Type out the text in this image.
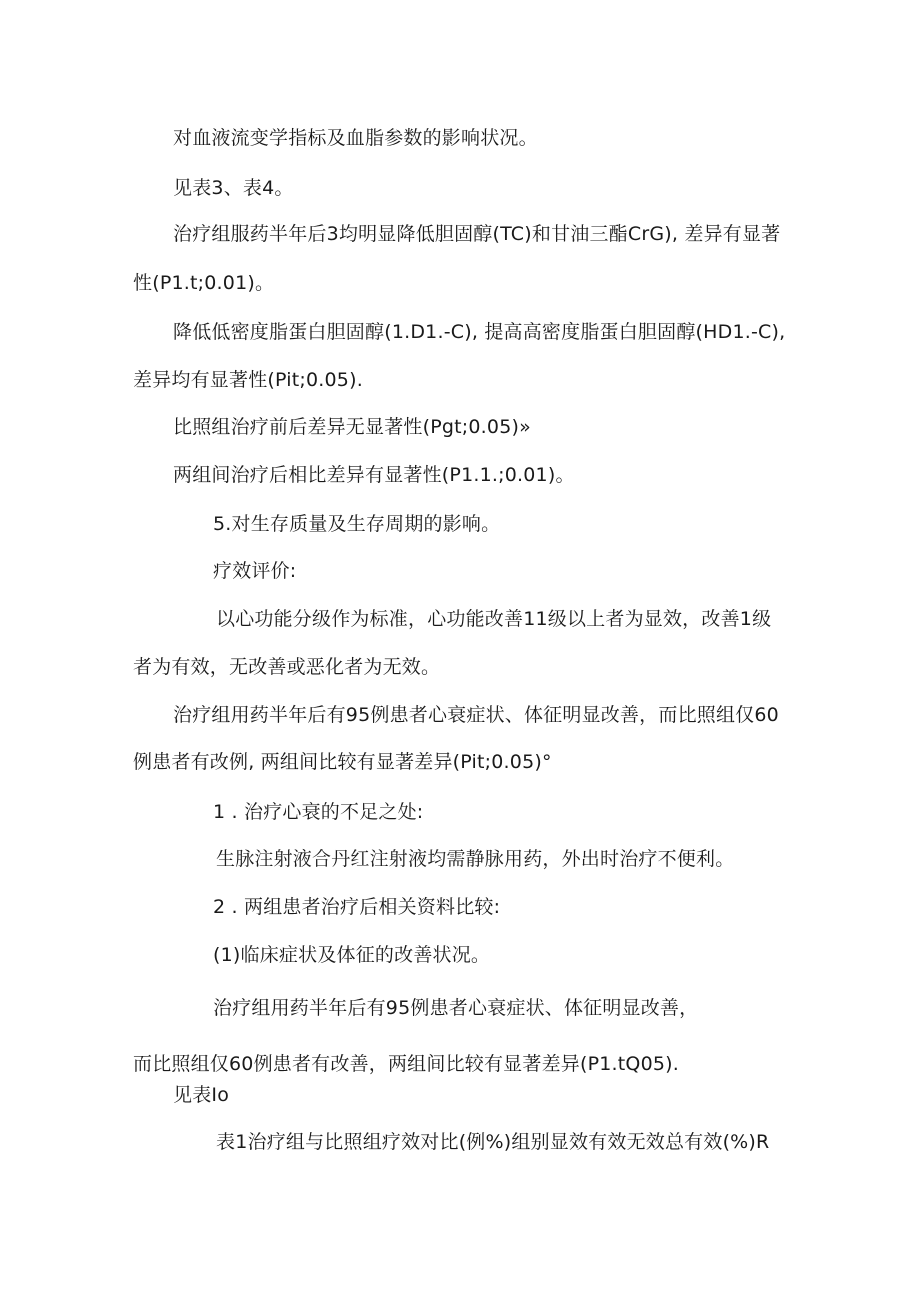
对血液流变学指标及血脂参数的影响状况。
见表3、表4。
治疗组服药半年后3均明显降低胆固醇(TC)和甘油三酯CrG), 差异有显著
性(P1.t;0.01)。
降低低密度脂蛋白胆固醇(1.D1.-C), 提高高密度脂蛋白胆固醇(HD1.-C),
差异均有显著性(Pit;0.05).
比照组治疗前后差异无显著性(Pgt;0.05)»
两组间治疗后相比差异有显著性(P1.1.;0.01)。
5.对生存质量及生存周期的影响。
疗效评价:
以心功能分级作为标准，心功能改善11级以上者为显效，改善1级
者为有效，无改善或恶化者为无效。
治疗组用药半年后有95例患者心衰症状、体征明显改善，而比照组仅60
例患者有改例, 两组间比较有显著差异(Pit;0.05)°
1 . 治疗心衰的不足之处:
生脉注射液合丹红注射液均需静脉用药，外出时治疗不便利。
2 . 两组患者治疗后相关资料比较:
(1)临床症状及体征的改善状况。
治疗组用药半年后有95例患者心衰症状、体征明显改善，
而比照组仅60例患者有改善，两组间比较有显著差异(P1.tQ05).
见表Io
表1治疗组与比照组疗效对比(例%)组别显效有效无效总有效(%)R
